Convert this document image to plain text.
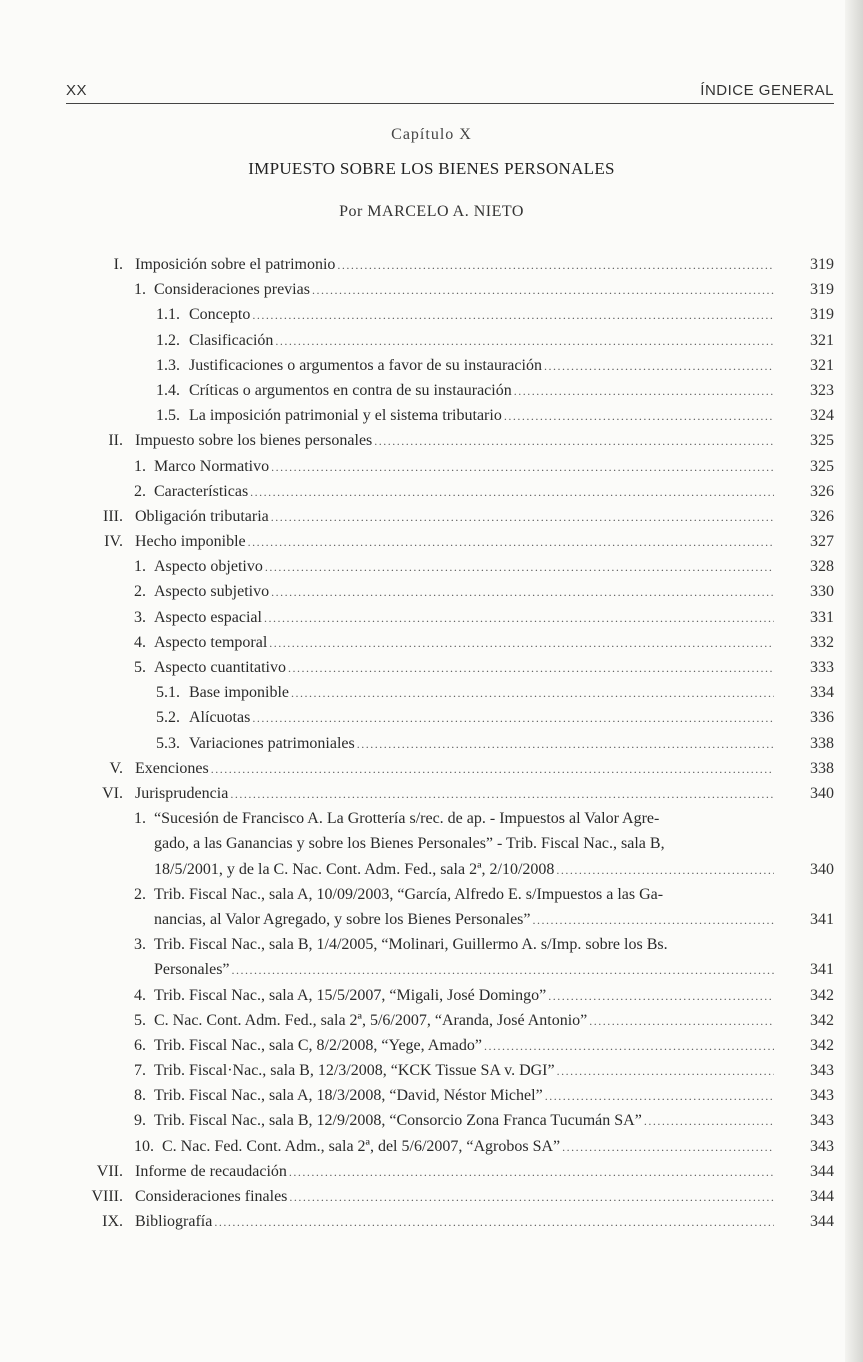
XX	ÍNDICE GENERAL
Capítulo X
IMPUESTO SOBRE LOS BIENES PERSONALES
Por MARCELO A. NIETO
I. Imposición sobre el patrimonio .....	319
1. Consideraciones previas .....	319
1.1. Concepto .....	319
1.2. Clasificación .....	321
1.3. Justificaciones o argumentos a favor de su instauración .....	321
1.4. Críticas o argumentos en contra de su instauración .....	323
1.5. La imposición patrimonial y el sistema tributario .....	324
II. Impuesto sobre los bienes personales .....	325
1. Marco Normativo .....	325
2. Características .....	326
III. Obligación tributaria .....	326
IV. Hecho imponible .....	327
1. Aspecto objetivo .....	328
2. Aspecto subjetivo .....	330
3. Aspecto espacial .....	331
4. Aspecto temporal .....	332
5. Aspecto cuantitativo .....	333
5.1. Base imponible .....	334
5.2. Alícuotas .....	336
5.3. Variaciones patrimoniales .....	338
V. Exenciones .....	338
VI. Jurisprudencia .....	340
1. “Sucesión de Francisco A. La Grottería s/rec. de ap. - Impuestos al Valor Agre-
gado, a las Ganancias y sobre los Bienes Personales” - Trib. Fiscal Nac., sala B,
18/5/2001, y de la C. Nac. Cont. Adm. Fed., sala 2ª, 2/10/2008 .....	340
2. Trib. Fiscal Nac., sala A, 10/09/2003, “García, Alfredo E. s/Impuestos a las Ga-
nancias, al Valor Agregado, y sobre los Bienes Personales” .....	341
3. Trib. Fiscal Nac., sala B, 1/4/2005, “Molinari, Guillermo A. s/Imp. sobre los Bs.
Personales” .....	341
4. Trib. Fiscal Nac., sala A, 15/5/2007, “Migali, José Domingo” .....	342
5. C. Nac. Cont. Adm. Fed., sala 2ª, 5/6/2007, “Aranda, José Antonio” .....	342
6. Trib. Fiscal Nac., sala C, 8/2/2008, “Yege, Amado” .....	342
7. Trib. Fiscal·Nac., sala B, 12/3/2008, “KCK Tissue SA v. DGI” .....	343
8. Trib. Fiscal Nac., sala A, 18/3/2008, “David, Néstor Michel” .....	343
9. Trib. Fiscal Nac., sala B, 12/9/2008, “Consorcio Zona Franca Tucumán SA” .....	343
10. C. Nac. Fed. Cont. Adm., sala 2ª, del 5/6/2007, “Agrobos SA” .....	343
VII. Informe de recaudación .....	344
VIII. Consideraciones finales .....	344
IX. Bibliografía .....	344
